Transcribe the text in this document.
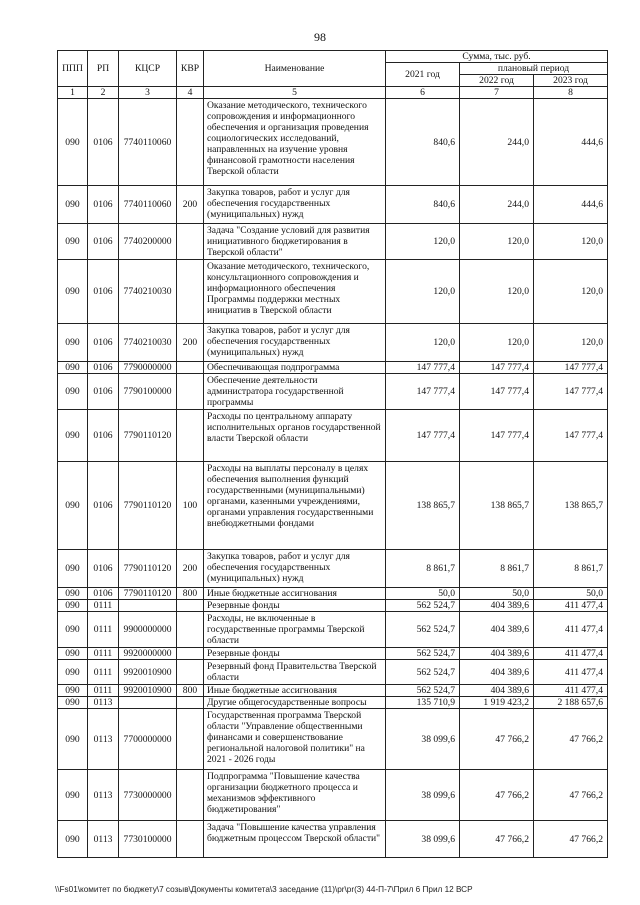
98
ППП	РП	КЦСР	КВР	Наименование	Сумма, тыс. руб.		
					2021 год	плановый период	
						2022 год	2023 год
1	2	3	4	5	6	7	8
090	0106	7740110060		Оказание методического, технического сопровождения и информационного обеспечения и организация проведения социологических исследований, направленных на изучение уровня финансовой грамотности населения Тверской области	840,6	244,0	444,6
090	0106	7740110060	200	Закупка товаров, работ и услуг для обеспечения государственных (муниципальных) нужд	840,6	244,0	444,6
090	0106	7740200000		Задача "Создание условий для развития инициативного бюджетирования в Тверской области"	120,0	120,0	120,0
090	0106	7740210030		Оказание методического, технического, консультационного сопровождения и информационного обеспечения Программы поддержки местных инициатив в Тверской области	120,0	120,0	120,0
090	0106	7740210030	200	Закупка товаров, работ и услуг для обеспечения государственных (муниципальных) нужд	120,0	120,0	120,0
090	0106	7790000000		Обеспечивающая подпрограмма	147 777,4	147 777,4	147 777,4
090	0106	7790100000		Обеспечение деятельности администратора государственной программы	147 777,4	147 777,4	147 777,4
090	0106	7790110120		Расходы по центральному аппарату исполнительных органов государственной власти Тверской области	147 777,4	147 777,4	147 777,4
090	0106	7790110120	100	Расходы на выплаты персоналу в целях обеспечения выполнения функций государственными (муниципальными) органами, казенными учреждениями, органами управления государственными внебюджетными фондами	138 865,7	138 865,7	138 865,7
090	0106	7790110120	200	Закупка товаров, работ и услуг для обеспечения государственных (муниципальных) нужд	8 861,7	8 861,7	8 861,7
090	0106	7790110120	800	Иные бюджетные ассигнования	50,0	50,0	50,0
090	0111			Резервные фонды	562 524,7	404 389,6	411 477,4
090	0111	9900000000		Расходы, не включенные в государственные программы Тверской области	562 524,7	404 389,6	411 477,4
090	0111	9920000000		Резервные фонды	562 524,7	404 389,6	411 477,4
090	0111	9920010900		Резервный фонд Правительства Тверской области	562 524,7	404 389,6	411 477,4
090	0111	9920010900	800	Иные бюджетные ассигнования	562 524,7	404 389,6	411 477,4
090	0113			Другие общегосударственные вопросы	135 710,9	1 919 423,2	2 188 657,6
090	0113	7700000000		Государственная программа Тверской области "Управление общественными финансами и совершенствование региональной налоговой политики" на 2021 - 2026 годы	38 099,6	47 766,2	47 766,2
090	0113	7730000000		Подпрограмма "Повышение качества организации бюджетного процесса и механизмов эффективного бюджетирования"	38 099,6	47 766,2	47 766,2
090	0113	7730100000		Задача "Повышение качества управления бюджетным процессом Тверской области"	38 099,6	47 766,2	47 766,2
\\Fs01\комитет по бюджету\7 созыв\Документы комитета\3 заседание (11)\pr\pr(3) 44-П-7\Прил 6 Прил 12 ВСР
